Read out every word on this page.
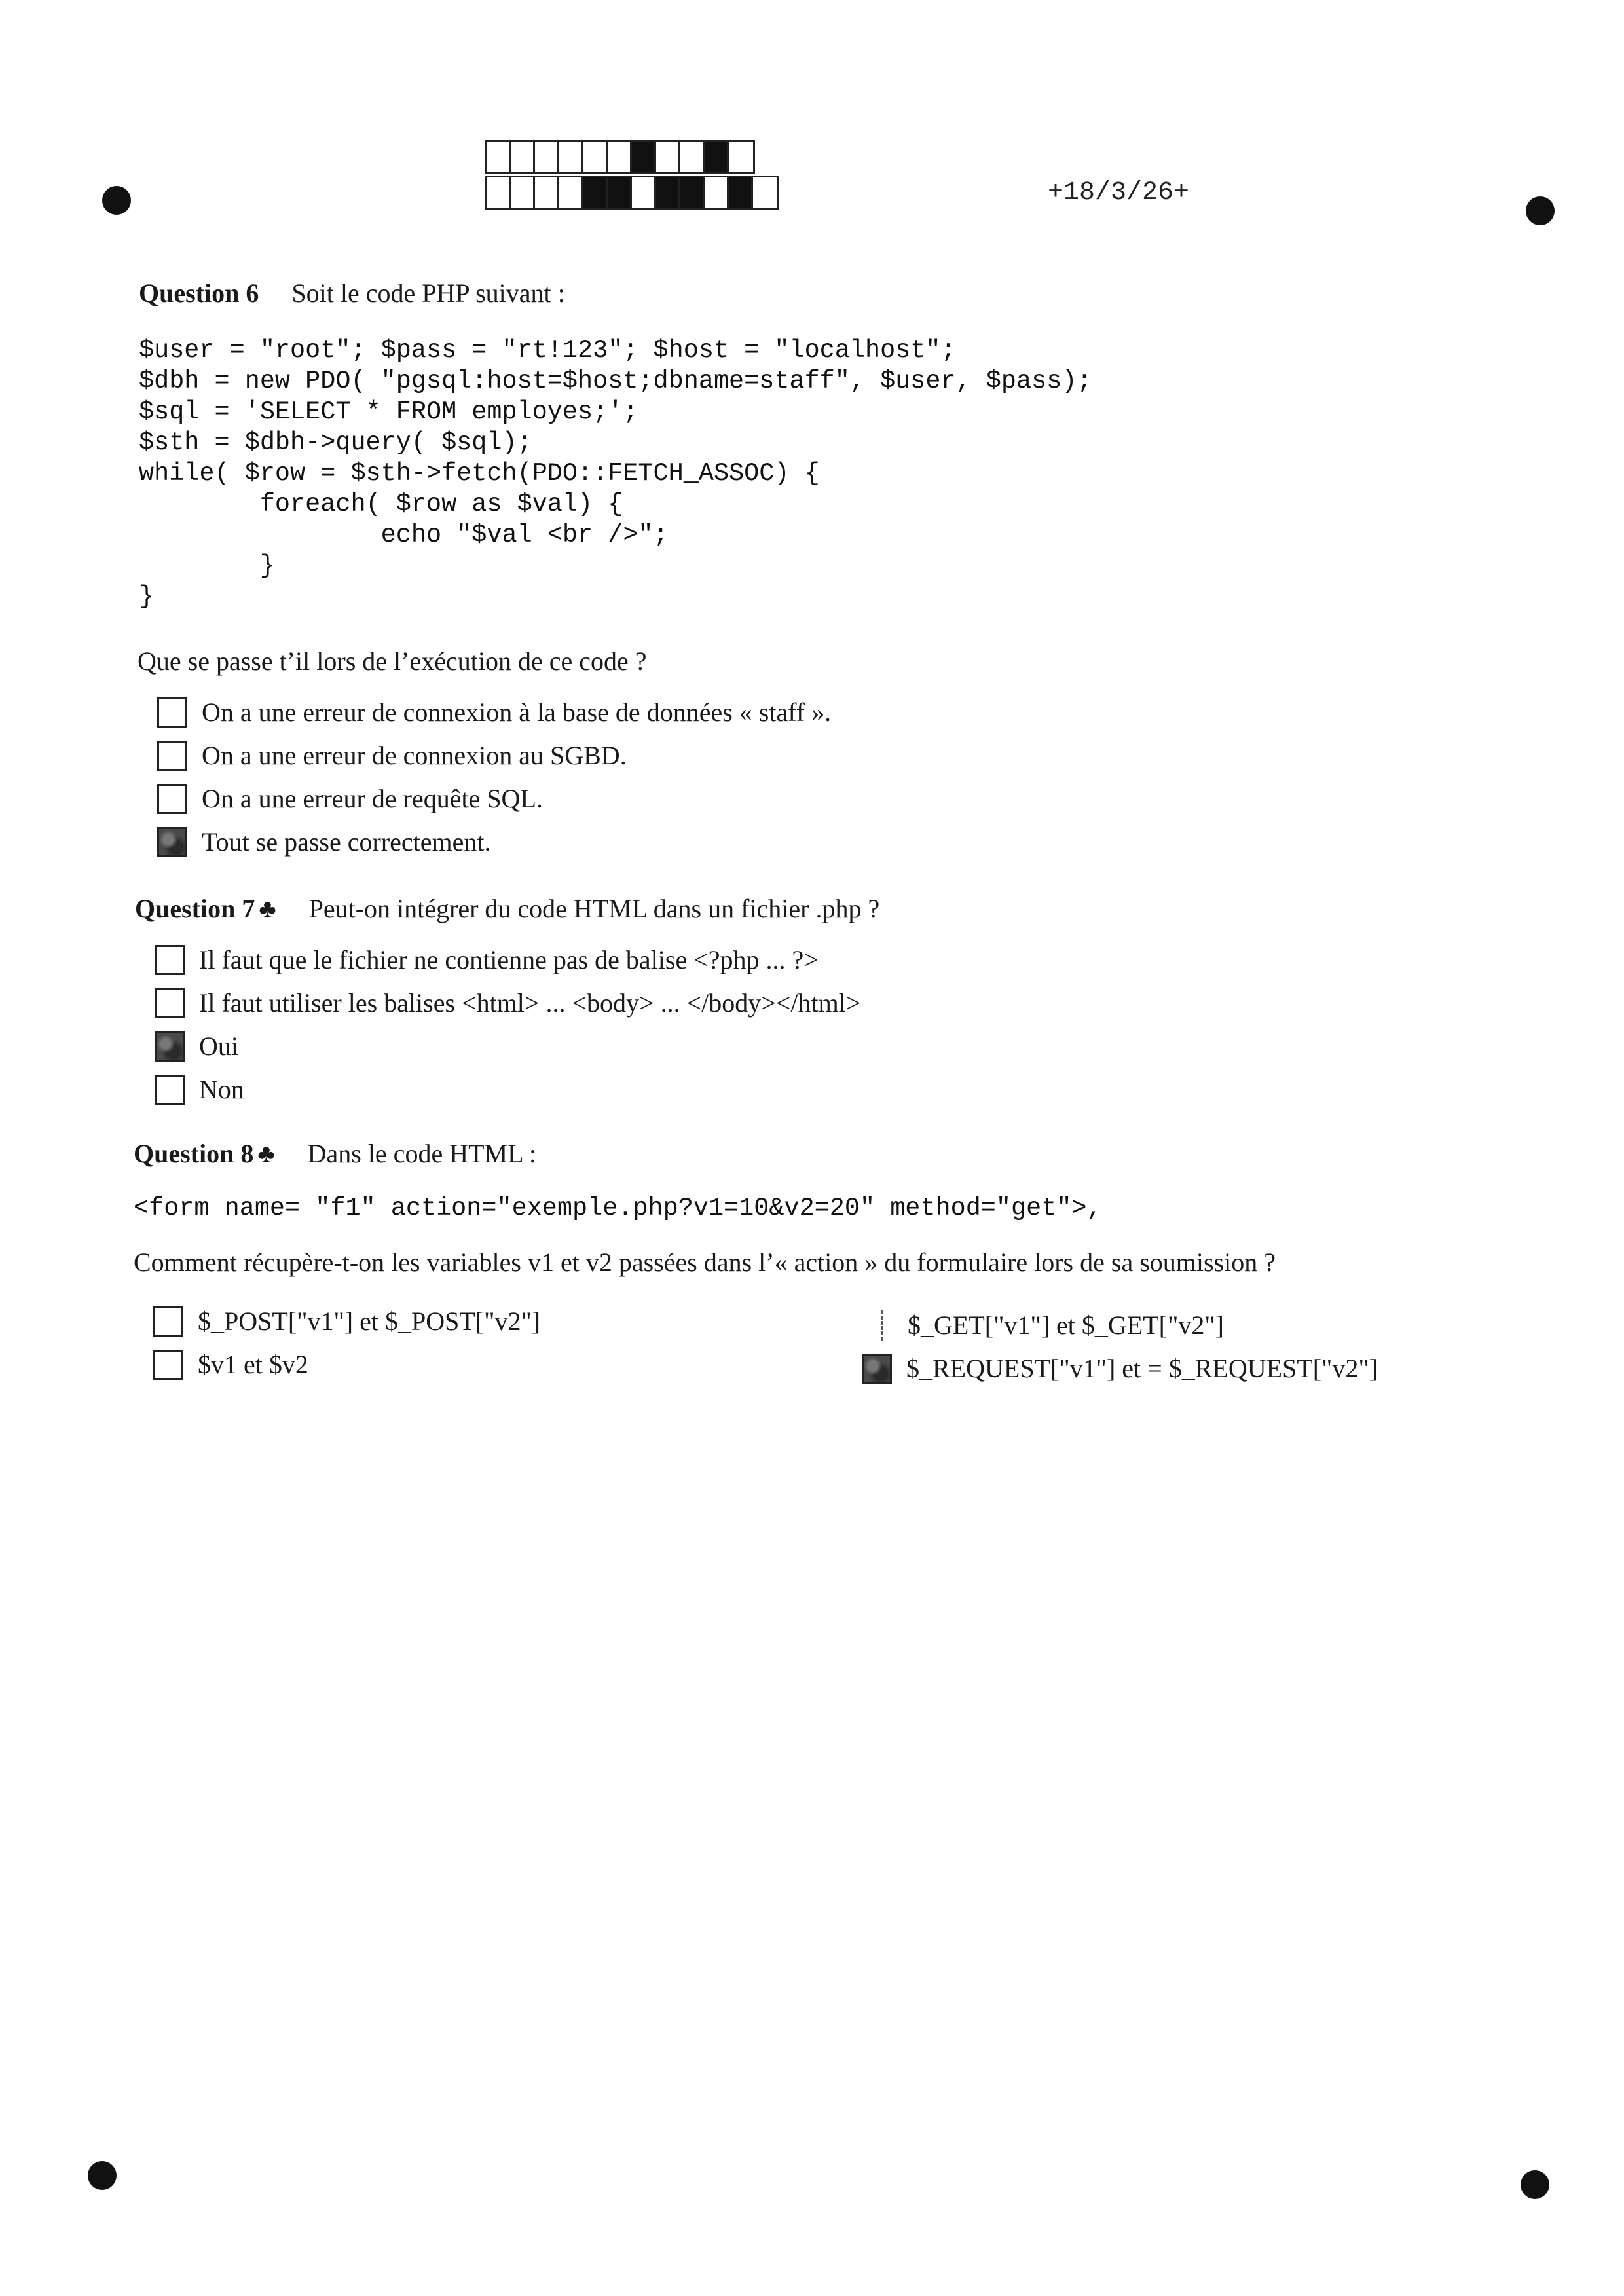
+18/3/26+
Question 6 Soit le code PHP suivant :
$user = "root"; $pass = "rt!123"; $host = "localhost";
$dbh = new PDO( "pgsql:host=$host;dbname=staff", $user, $pass);
$sql = 'SELECT * FROM employes;';
$sth = $dbh->query( $sql);
while( $row = $sth->fetch(PDO::FETCH_ASSOC) {
foreach( $row as $val) {
echo "$val <br />";
}
}
Que se passe t’il lors de l’exécution de ce code ?
On a une erreur de connexion à la base de données « staff ».
On a une erreur de connexion au SGBD.
On a une erreur de requête SQL.
Tout se passe correctement.
Question 7 ♣ Peut-on intégrer du code HTML dans un fichier .php ?
Il faut que le fichier ne contienne pas de balise <?php ... ?>
Il faut utiliser les balises <html> ... <body> ... </body></html>
Oui
Non
Question 8 ♣ Dans le code HTML :
<form name= "f1" action="exemple.php?v1=10&v2=20" method="get">,
Comment récupère-t-on les variables v1 et v2 passées dans l’« action » du formulaire lors de sa soumission ?
$_POST["v1"] et $_POST["v2"]
$v1 et $v2
$_GET["v1"] et $_GET["v2"]
$_REQUEST["v1"] et = $_REQUEST["v2"]
